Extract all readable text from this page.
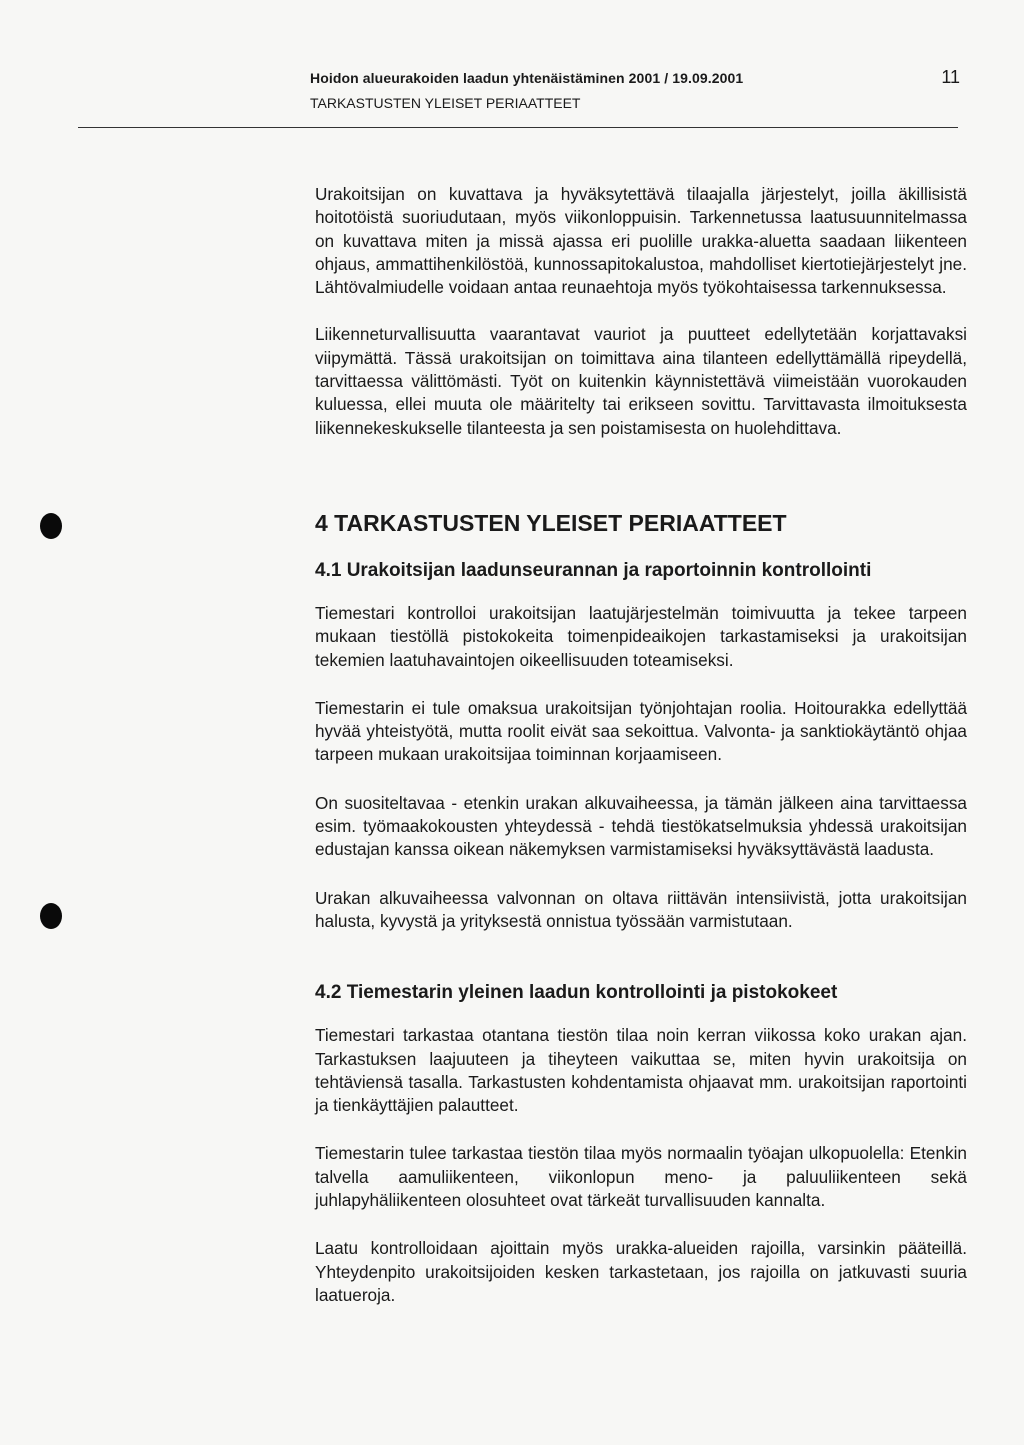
Hoidon alueurakoiden laadun yhtenäistäminen 2001 / 19.09.2001	11
TARKASTUSTEN YLEISET PERIAATTEET

Urakoitsijan on kuvattava ja hyväksytettävä tilaajalla järjestelyt, joilla äkillisistä hoitotöistä suoriudutaan, myös viikonloppuisin. Tarkennetussa laatusuunnitelmassa on kuvattava miten ja missä ajassa eri puolille urakka-aluetta saadaan liikenteen ohjaus, ammattihenkilöstöä, kunnossapitokalustoa, mahdolliset kiertotiejärjestelyt jne. Lähtövalmiudelle voidaan antaa reunaehtoja myös työkohtaisessa tarkennuksessa.

Liikenneturvallisuutta vaarantavat vauriot ja puutteet edellytetään korjattavaksi viipymättä. Tässä urakoitsijan on toimittava aina tilanteen edellyttämällä ripeydellä, tarvittaessa välittömästi. Työt on kuitenkin käynnistettävä viimeistään vuorokauden kuluessa, ellei muuta ole määritelty tai erikseen sovittu. Tarvittavasta ilmoituksesta liikennekeskukselle tilanteesta ja sen poistamisesta on huolehdittava.

4 TARKASTUSTEN YLEISET PERIAATTEET
4.1 Urakoitsijan laadunseurannan ja raportoinnin kontrollointi

Tiemestari kontrolloi urakoitsijan laatujärjestelmän toimivuutta ja tekee tarpeen mukaan tiestöllä pistokokeita toimenpideaikojen tarkastamiseksi ja urakoitsijan tekemien laatuhavaintojen oikeellisuuden toteamiseksi.

Tiemestarin ei tule omaksua urakoitsijan työnjohtajan roolia. Hoitourakka edellyttää hyvää yhteistyötä, mutta roolit eivät saa sekoittua. Valvonta- ja sanktiokäytäntö ohjaa tarpeen mukaan urakoitsijaa toiminnan korjaamiseen.

On suositeltavaa - etenkin urakan alkuvaiheessa, ja tämän jälkeen aina tarvittaessa esim. työmaakokousten yhteydessä - tehdä tiestökatselmuksia yhdessä urakoitsijan edustajan kanssa oikean näkemyksen varmistamiseksi hyväksyttävästä laadusta.

Urakan alkuvaiheessa valvonnan on oltava riittävän intensiivistä, jotta urakoitsijan halusta, kyvystä ja yrityksestä onnistua työssään varmistutaan.

4.2 Tiemestarin yleinen laadun kontrollointi ja pistokokeet

Tiemestari tarkastaa otantana tiestön tilaa noin kerran viikossa koko urakan ajan. Tarkastuksen laajuuteen ja tiheyteen vaikuttaa se, miten hyvin urakoitsija on tehtäviensä tasalla. Tarkastusten kohdentamista ohjaavat mm. urakoitsijan raportointi ja tienkäyttäjien palautteet.

Tiemestarin tulee tarkastaa tiestön tilaa myös normaalin työajan ulkopuolella: Etenkin talvella aamuliikenteen, viikonlopun meno- ja paluuliikenteen sekä juhlapyhäliikenteen olosuhteet ovat tärkeät turvallisuuden kannalta.

Laatu kontrolloidaan ajoittain myös urakka-alueiden rajoilla, varsinkin pääteillä. Yhteydenpito urakoitsijoiden kesken tarkastetaan, jos rajoilla on jatkuvasti suuria laatueroja.
